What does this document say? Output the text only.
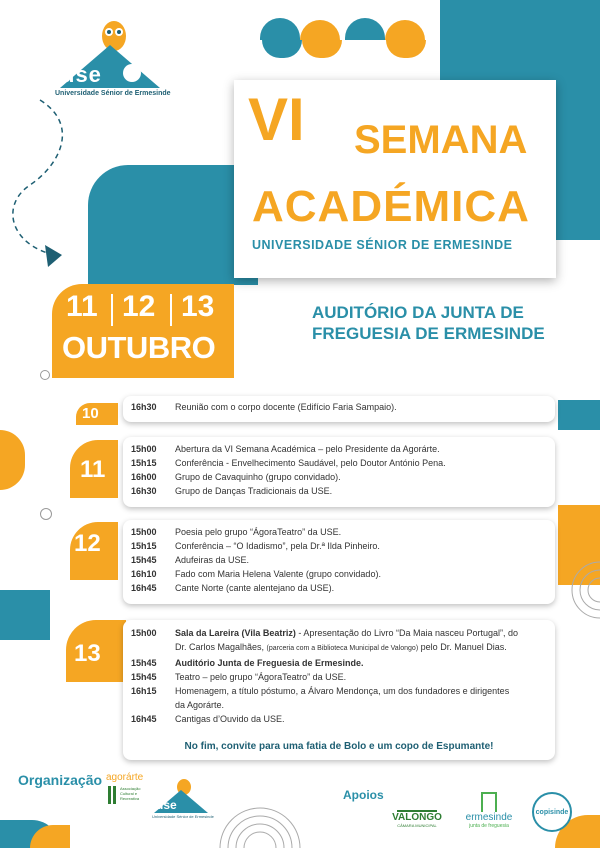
use
Universidade Sénior de Ermesinde VI SEMANA
ACADÉMICA
UNIVERSIDADE SÉNIOR DE ERMESINDE
11 12 13
OUTUBRO
AUDITÓRIO DA JUNTA DE
FREGUESIA DE ERMESINDE
10	16h30	Reunião com o corpo docente (Edifício Faria Sampaio).
11
15h00	Abertura da VI Semana Académica – pelo Presidente da Agorárte.
15h15	Conferência - Envelhecimento Saudável, pelo Doutor António Pena.
16h00	Grupo de Cavaquinho (grupo convidado).
16h30	Grupo de Danças Tradicionais da USE.
12	15h00	Poesia pelo grupo “ÁgoraTeatro” da USE.
15h15	Conferência – “O Idadismo”, pela Dr.ª Ilda Pinheiro.
15h45	Adufeiras da USE.
16h10	Fado com Maria Helena Valente (grupo convidado).
16h45	Cante Norte (cante alentejano da USE).
13
15h00	Sala da Lareira (Vila Beatriz) - Apresentação do Livro “Da Maia nasceu Portugal”, do
Dr. Carlos Magalhães, (parceria com a Biblioteca Municipal de Valongo) pelo Dr. Manuel Dias.
15h45	Auditório Junta de Freguesia de Ermesinde.
15h45	Teatro – pelo grupo “ÁgoraTeatro” da USE.
16h15	Homenagem, a título póstumo, a Álvaro Mendonça, um dos fundadores e dirigentes
da Agorárte.
16h45	Cantigas d’Ouvido da USE.
No fim, convite para uma fatia de Bolo e um copo de Espumante!
Organização agorárte
Associação Cultural e Recreativa	use
Universidade Sénior de Ermesinde
Apoios
VALONGO
CÂMARA MUNICIPAL
ermesinde
junta de freguesia
copisinde
